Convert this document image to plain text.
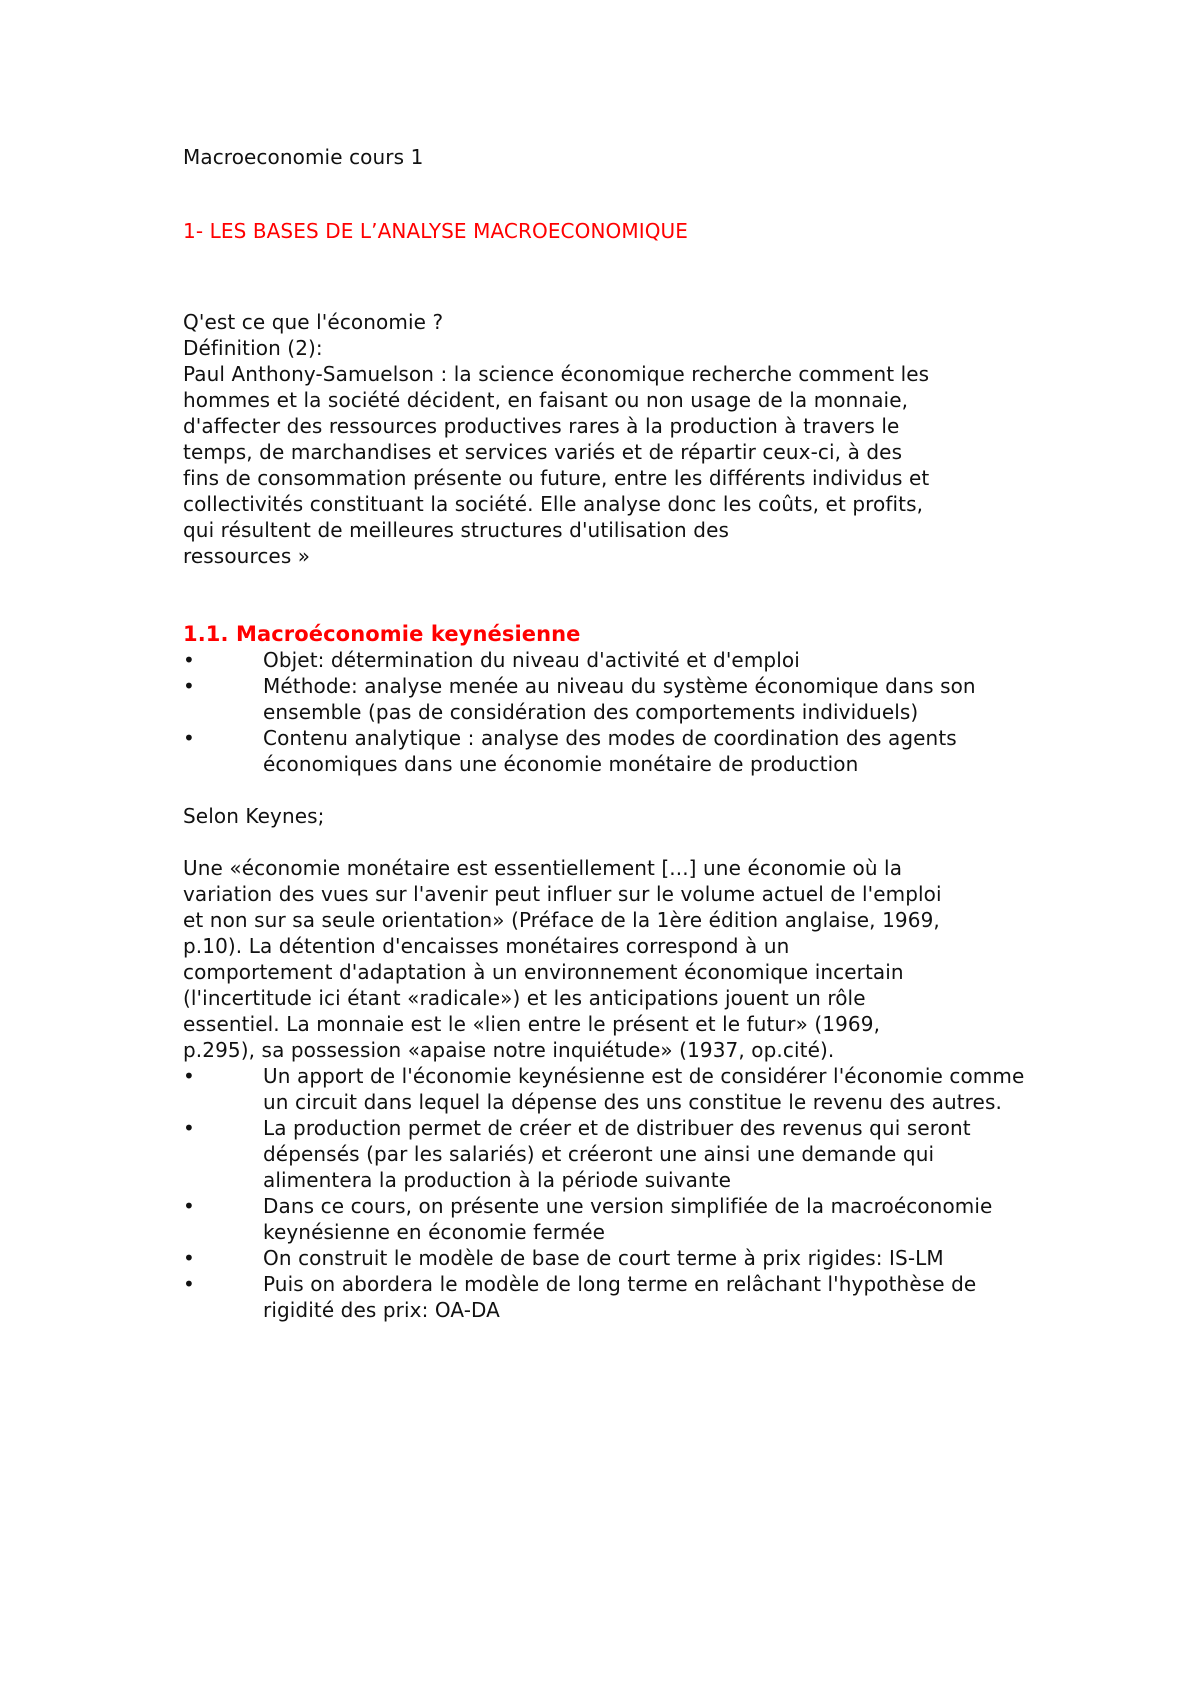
Macroeconomie cours 1

1- LES BASES DE L’ANALYSE MACROECONOMIQUE

Q'est ce que l'économie ?

Définition (2):

Paul Anthony-Samuelson : la science économique recherche comment les
hommes et la société décident, en faisant ou non usage de la monnaie,
d'affecter des ressources productives rares à la production à travers le
temps, de marchandises et services variés et de répartir ceux-ci, à des
fins de consommation présente ou future, entre les différents individus et
collectivités constituant la société. Elle analyse donc les coûts, et profits,
qui résultent de meilleures structures d'utilisation des
ressources »
1.1. Macroéconomie keynésienne
•	Objet: détermination du niveau d'activité et d'emploi
•	Méthode: analyse menée au niveau du système économique dans son ensemble (pas de considération des comportements individuels)
•	Contenu analytique : analyse des modes de coordination des agents économiques dans une économie monétaire de production

Selon Keynes;

Une «économie monétaire est essentiellement [...] une économie où la
variation des vues sur l'avenir peut influer sur le volume actuel de l'emploi
et non sur sa seule orientation» (Préface de la 1ère édition anglaise, 1969,
p.10). La détention d'encaisses monétaires correspond à un
comportement d'adaptation à un environnement économique incertain
(l'incertitude ici étant «radicale») et les anticipations jouent un rôle
essentiel. La monnaie est le «lien entre le présent et le futur» (1969,
p.295), sa possession «apaise notre inquiétude» (1937, op.cité).
•	Un apport de l'économie keynésienne est de considérer l'économie comme un circuit dans lequel la dépense des uns constitue le revenu des autres.
•	La production permet de créer et de distribuer des revenus qui seront dépensés (par les salariés) et créeront une ainsi une demande qui alimentera la production à la période suivante
•	Dans ce cours, on présente une version simplifiée de la macroéconomie keynésienne en économie fermée
•	On construit le modèle de base de court terme à prix rigides: IS-LM
•	Puis on abordera le modèle de long terme en relâchant l'hypothèse de rigidité des prix: OA-DA
